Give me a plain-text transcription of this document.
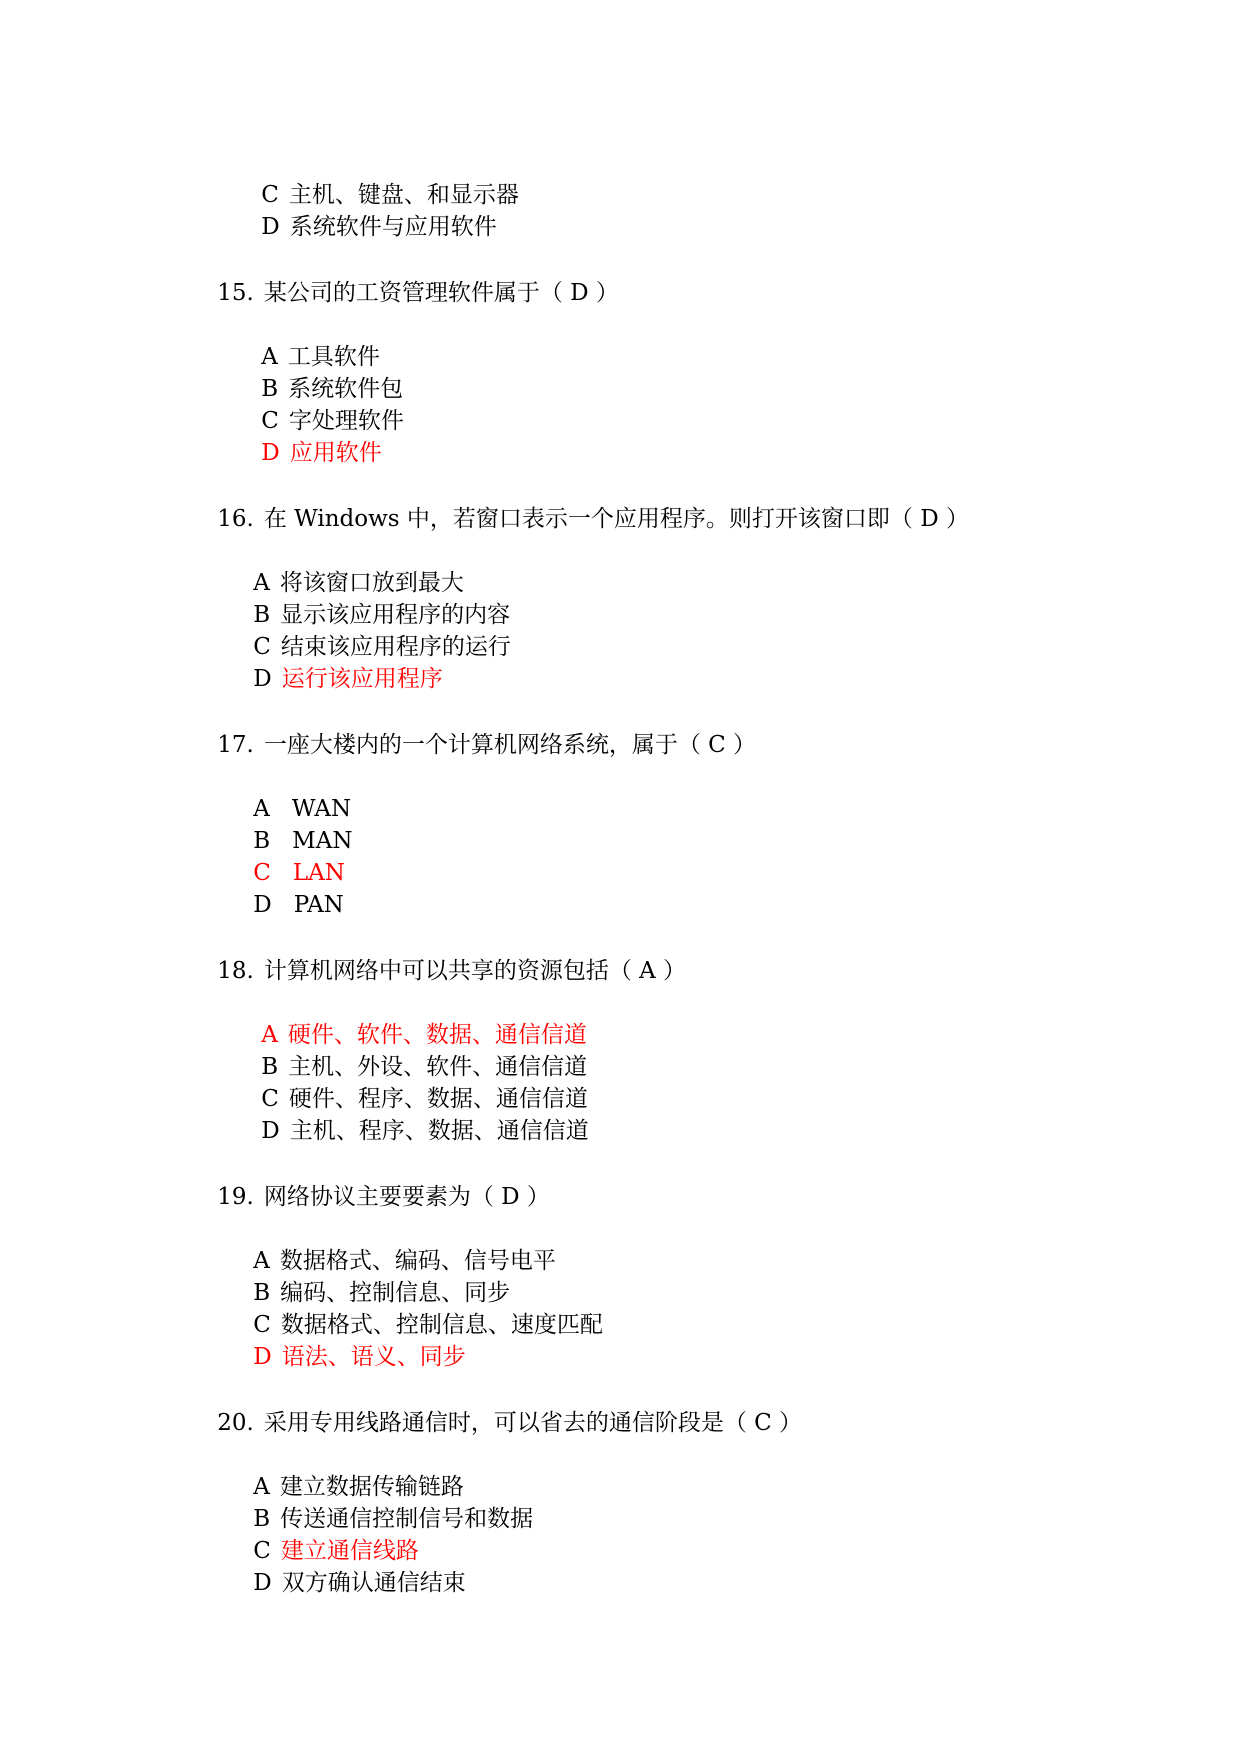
C 主机、键盘、和显示器

D 系统软件与应用软件

15. 某公司的工资管理软件属于（ D ）

A 工具软件

B 系统软件包

C 字处理软件

D 应用软件

16. 在 Windows 中，若窗口表示一个应用程序。则打开该窗口即（ D ）

A 将该窗口放到最大

B 显示该应用程序的内容

C 结束该应用程序的运行

D 运行该应用程序

17. 一座大楼内的一个计算机网络系统，属于（ C ）

A WAN

B MAN

C LAN

D PAN

18. 计算机网络中可以共享的资源包括（ A ）

A 硬件、软件、数据、通信信道

B 主机、外设、软件、通信信道

C 硬件、程序、数据、通信信道

D 主机、程序、数据、通信信道

19. 网络协议主要要素为（ D ）

A 数据格式、编码、信号电平

B 编码、控制信息、同步

C 数据格式、控制信息、速度匹配

D 语法、语义、同步

20. 采用专用线路通信时，可以省去的通信阶段是（ C ）

A 建立数据传输链路

B 传送通信控制信号和数据

C 建立通信线路

D 双方确认通信结束
